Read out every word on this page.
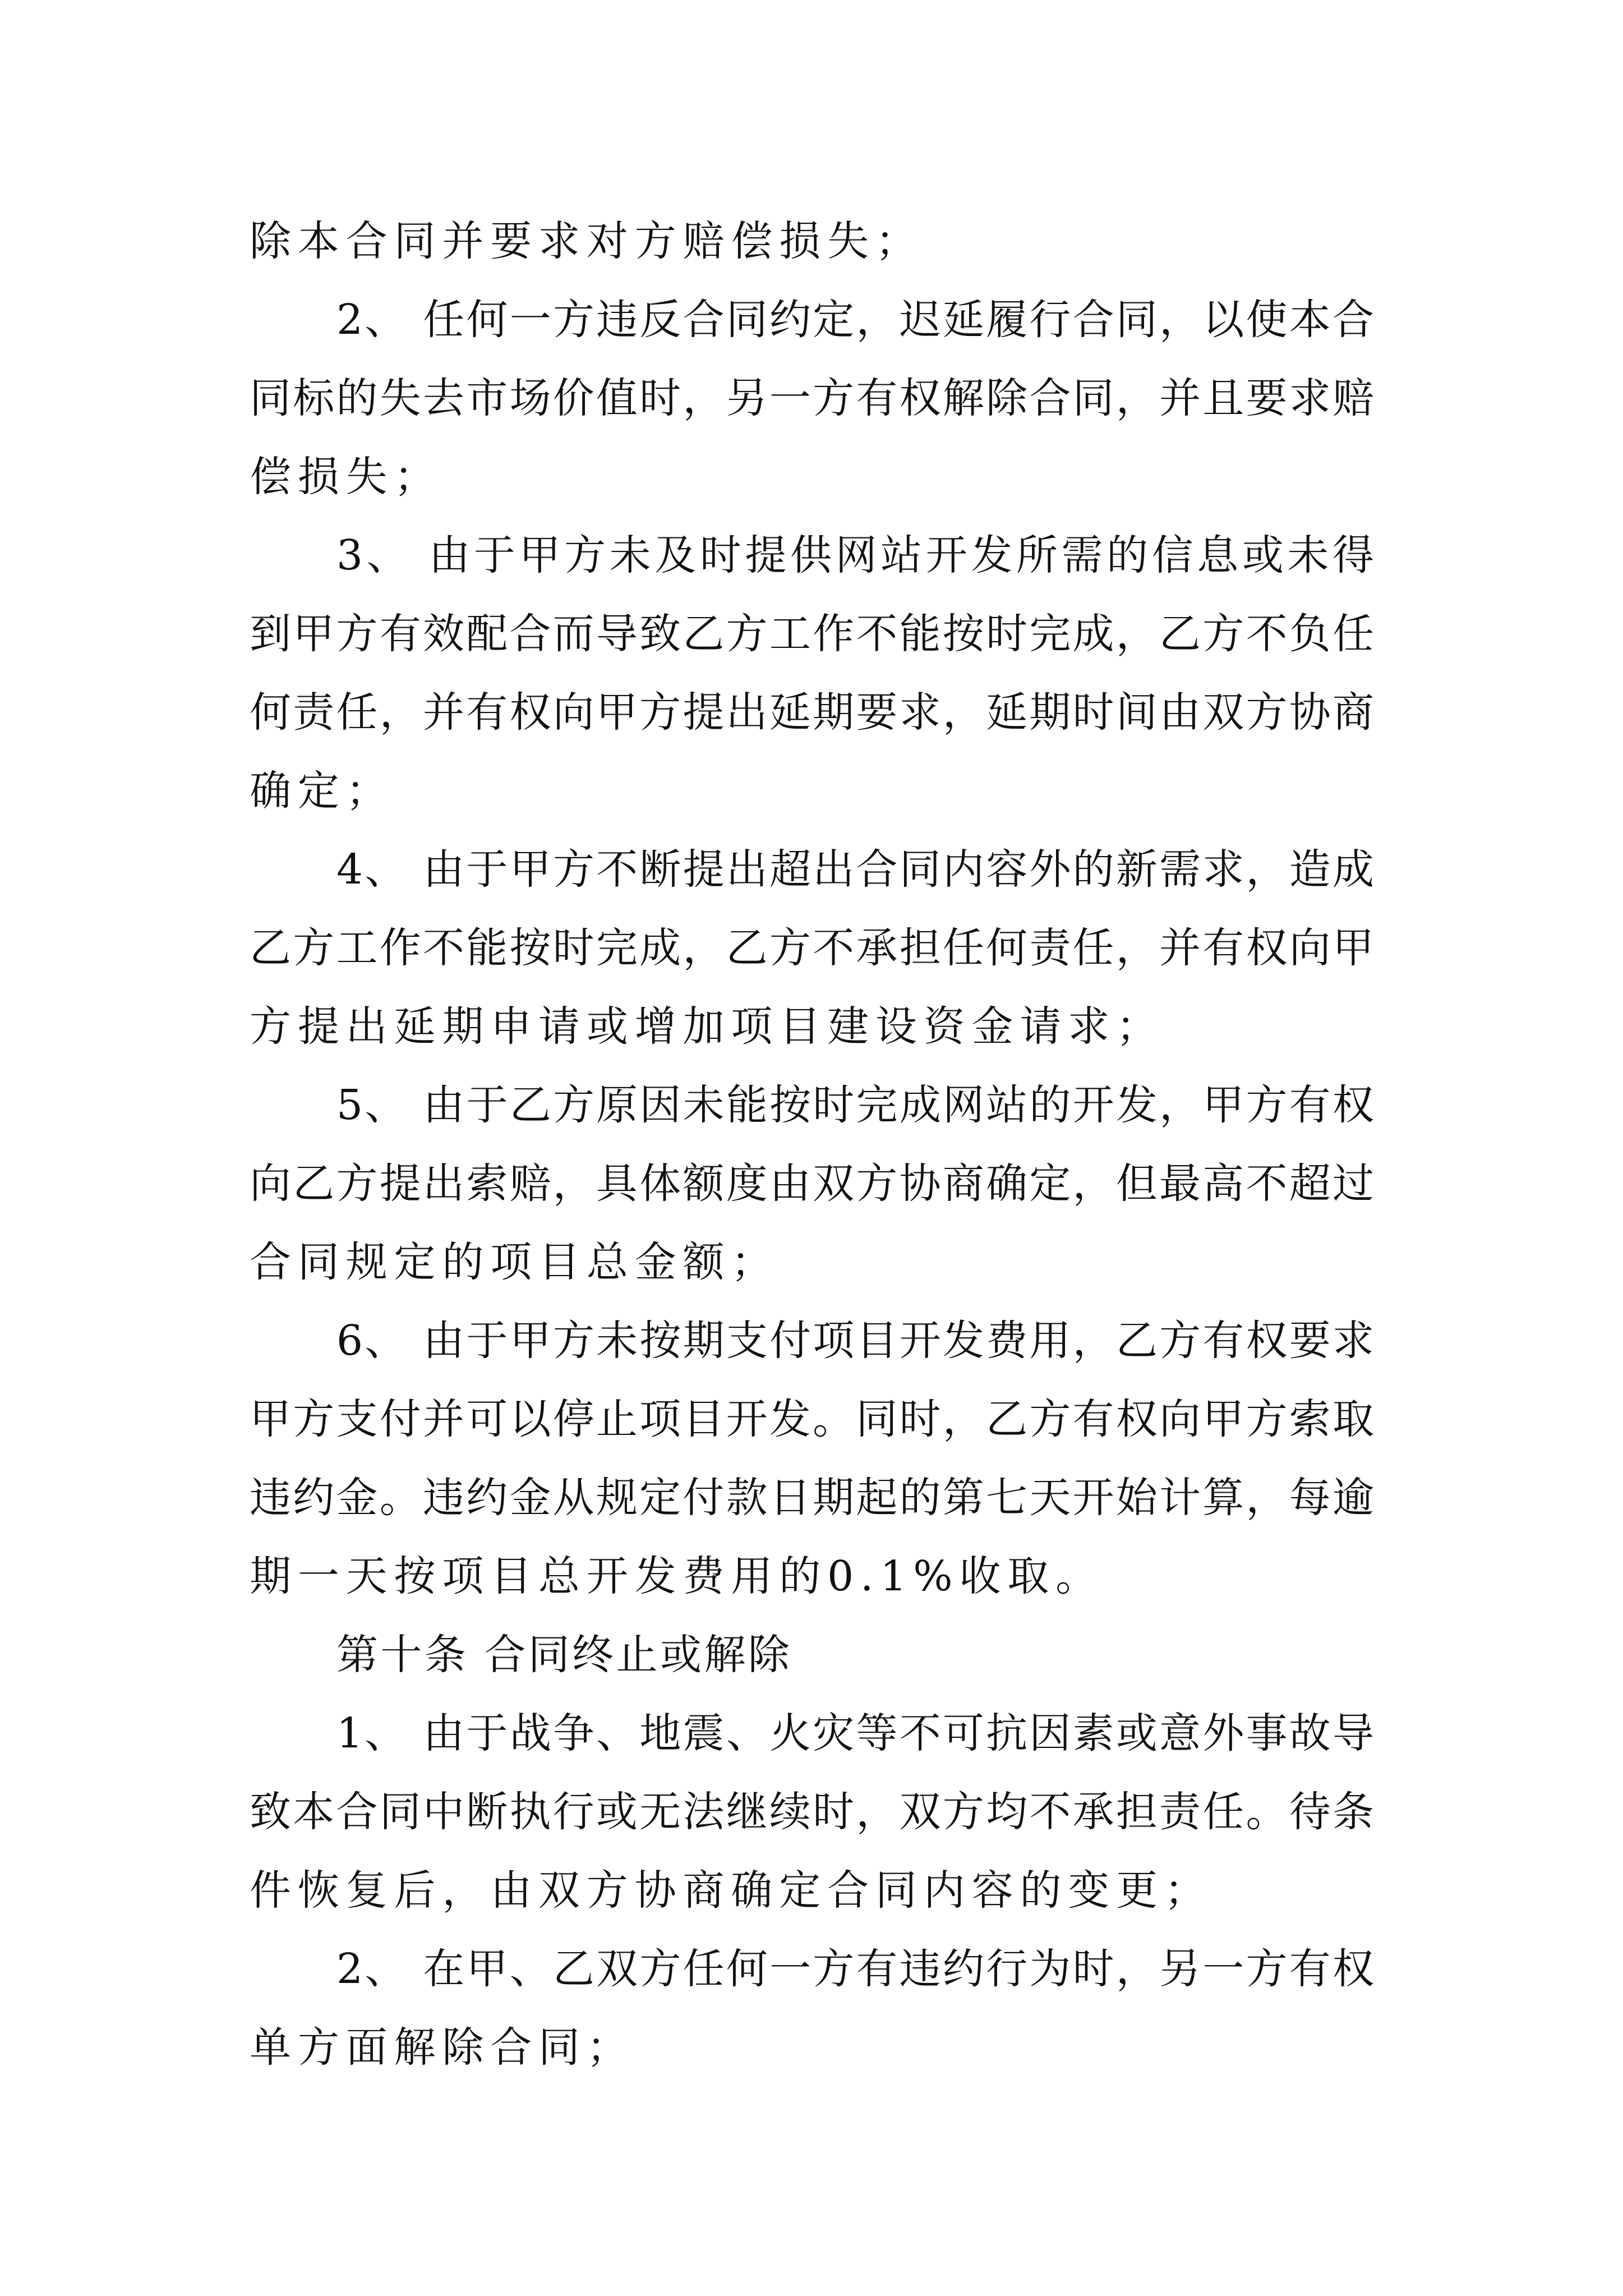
除本合同并要求对方赔偿损失；

2、 任何一方违反合同约定，迟延履行合同，以使本合

同标的失去市场价值时，另一方有权解除合同，并且要求赔

偿损失；

3、 由于甲方未及时提供网站开发所需的信息或未得

到甲方有效配合而导致乙方工作不能按时完成，乙方不负任

何责任，并有权向甲方提出延期要求，延期时间由双方协商

确定；

4、 由于甲方不断提出超出合同内容外的新需求，造成

乙方工作不能按时完成，乙方不承担任何责任，并有权向甲

方提出延期申请或增加项目建设资金请求；

5、 由于乙方原因未能按时完成网站的开发，甲方有权

向乙方提出索赔，具体额度由双方协商确定，但最高不超过

合同规定的项目总金额；

6、 由于甲方未按期支付项目开发费用，乙方有权要求

甲方支付并可以停止项目开发。同时，乙方有权向甲方索取

违约金。违约金从规定付款日期起的第七天开始计算，每逾

期一天按项目总开发费用的0.1%收取。

第十条 合同终止或解除

1、 由于战争、地震、火灾等不可抗因素或意外事故导

致本合同中断执行或无法继续时，双方均不承担责任。待条

件恢复后，由双方协商确定合同内容的变更；

2、 在甲、乙双方任何一方有违约行为时，另一方有权

单方面解除合同；
